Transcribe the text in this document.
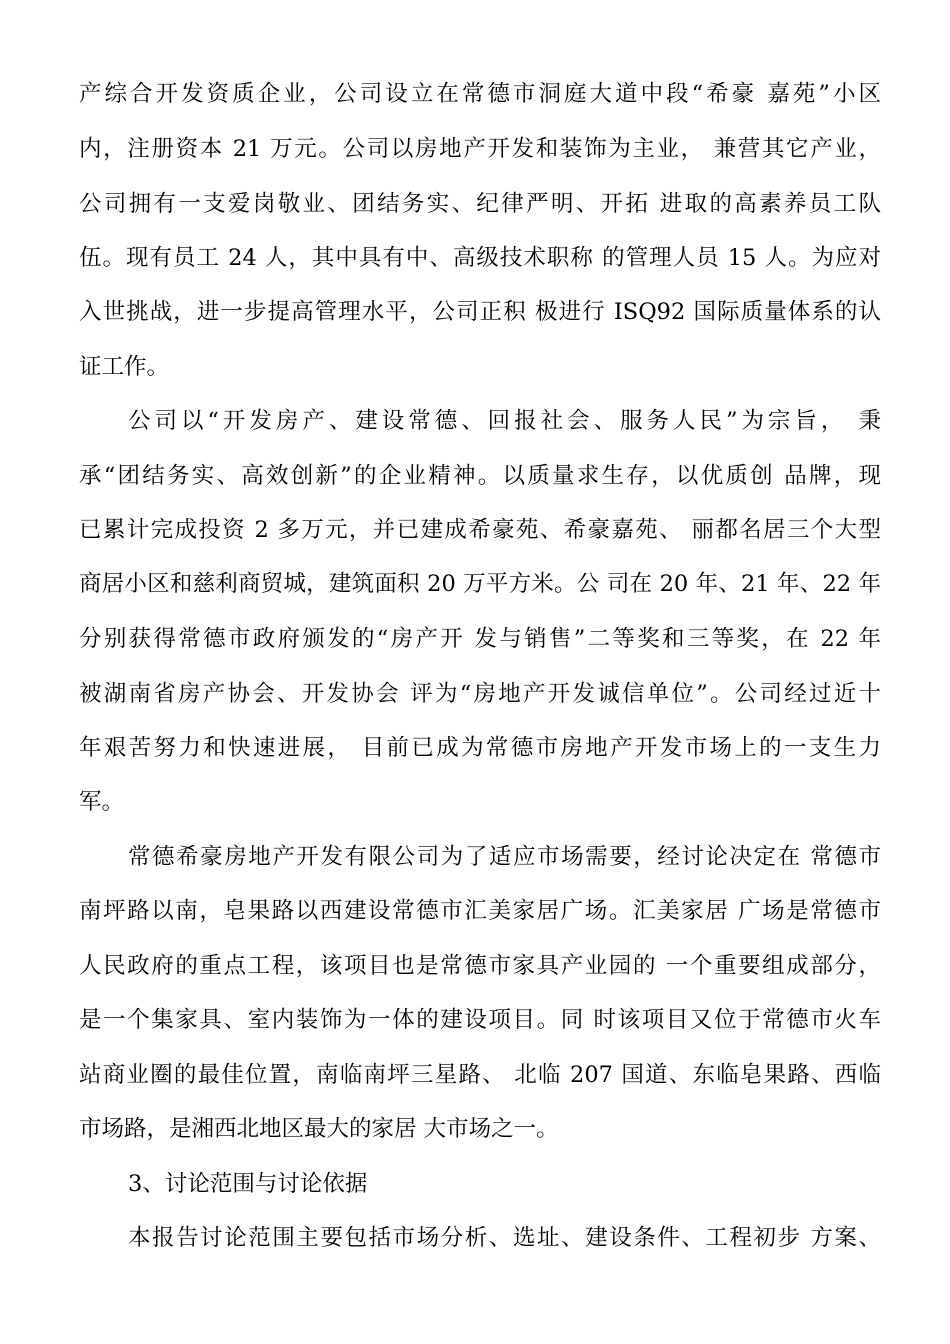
产综合开发资质企业，公司设立在常德市洞庭大道中段“希豪 嘉苑”小区
内，注册资本 21 万元。公司以房地产开发和装饰为主业， 兼营其它产业，
公司拥有一支爱岗敬业、团结务实、纪律严明、开拓 进取的高素养员工队
伍。现有员工 24 人，其中具有中、高级技术职称 的管理人员 15 人。为应对
入世挑战，进一步提高管理水平，公司正积 极进行 ISQ92 国际质量体系的认
证工作。
公司以“开发房产、建设常德、回报社会、服务人民”为宗旨， 秉
承“团结务实、高效创新”的企业精神。以质量求生存，以优质创 品牌，现
已累计完成投资 2 多万元，并已建成希豪苑、希豪嘉苑、 丽都名居三个大型
商居小区和慈利商贸城，建筑面积 20 万平方米。公 司在 20 年、21 年、22 年
分别获得常德市政府颁发的“房产开 发与销售”二等奖和三等奖，在 22 年
被湖南省房产协会、开发协会 评为“房地产开发诚信单位”。公司经过近十
年艰苦努力和快速进展， 目前已成为常德市房地产开发市场上的一支生力
军。
常德希豪房地产开发有限公司为了适应市场需要，经讨论决定在 常德市
南坪路以南，皂果路以西建设常德市汇美家居广场。汇美家居 广场是常德市
人民政府的重点工程，该项目也是常德市家具产业园的 一个重要组成部分，
是一个集家具、室内装饰为一体的建设项目。同 时该项目又位于常德市火车
站商业圈的最佳位置，南临南坪三星路、 北临 207 国道、东临皂果路、西临
市场路，是湘西北地区最大的家居 大市场之一。
3、讨论范围与讨论依据
本报告讨论范围主要包括市场分析、选址、建设条件、工程初步 方案、
